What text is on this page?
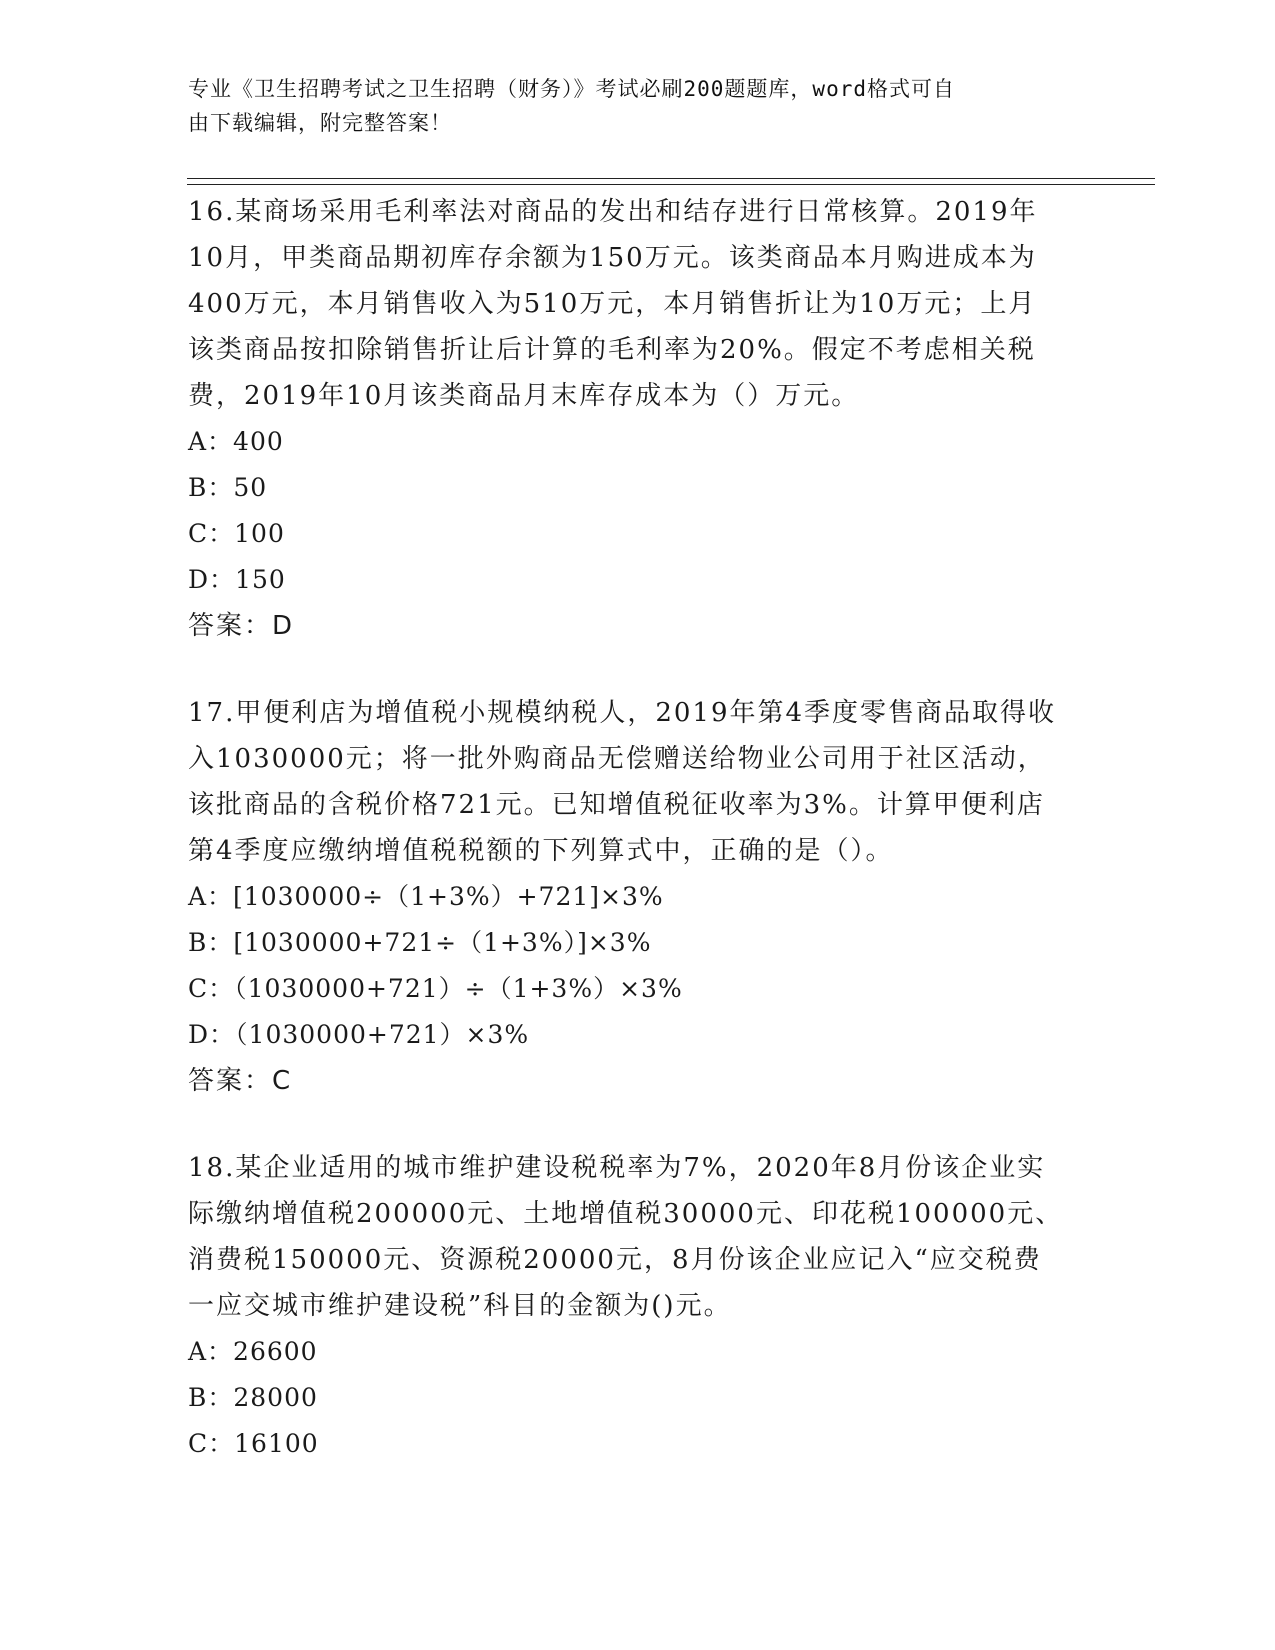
专业《卫生招聘考试之卫生招聘（财务）》考试必刷200题题库，word格式可自
由下载编辑，附完整答案！

16.某商场采用毛利率法对商品的发出和结存进行日常核算。2019年

10月，甲类商品期初库存余额为150万元。该类商品本月购进成本为

400万元，本月销售收入为510万元，本月销售折让为10万元；上月

该类商品按扣除销售折让后计算的毛利率为20%。假定不考虑相关税

费，2019年10月该类商品月末库存成本为（）万元。

A：400

B：50

C：100

D：150

答案：D

17.甲便利店为增值税小规模纳税人，2019年第4季度零售商品取得收

入1030000元；将一批外购商品无偿赠送给物业公司用于社区活动，

该批商品的含税价格721元。已知增值税征收率为3%。计算甲便利店

第4季度应缴纳增值税税额的下列算式中，正确的是（）。

A：[1030000÷（1+3%）+721]×3%

B：[1030000+721÷（1+3%）]×3%

C：（1030000+721）÷（1+3%）×3%

D：（1030000+721）×3%

答案：C

18.某企业适用的城市维护建设税税率为7%，2020年8月份该企业实

际缴纳增值税200000元、土地增值税30000元、印花税100000元、

消费税150000元、资源税20000元，8月份该企业应记入“应交税费

一应交城市维护建设税”科目的金额为()元。

A：26600

B：28000

C：16100
